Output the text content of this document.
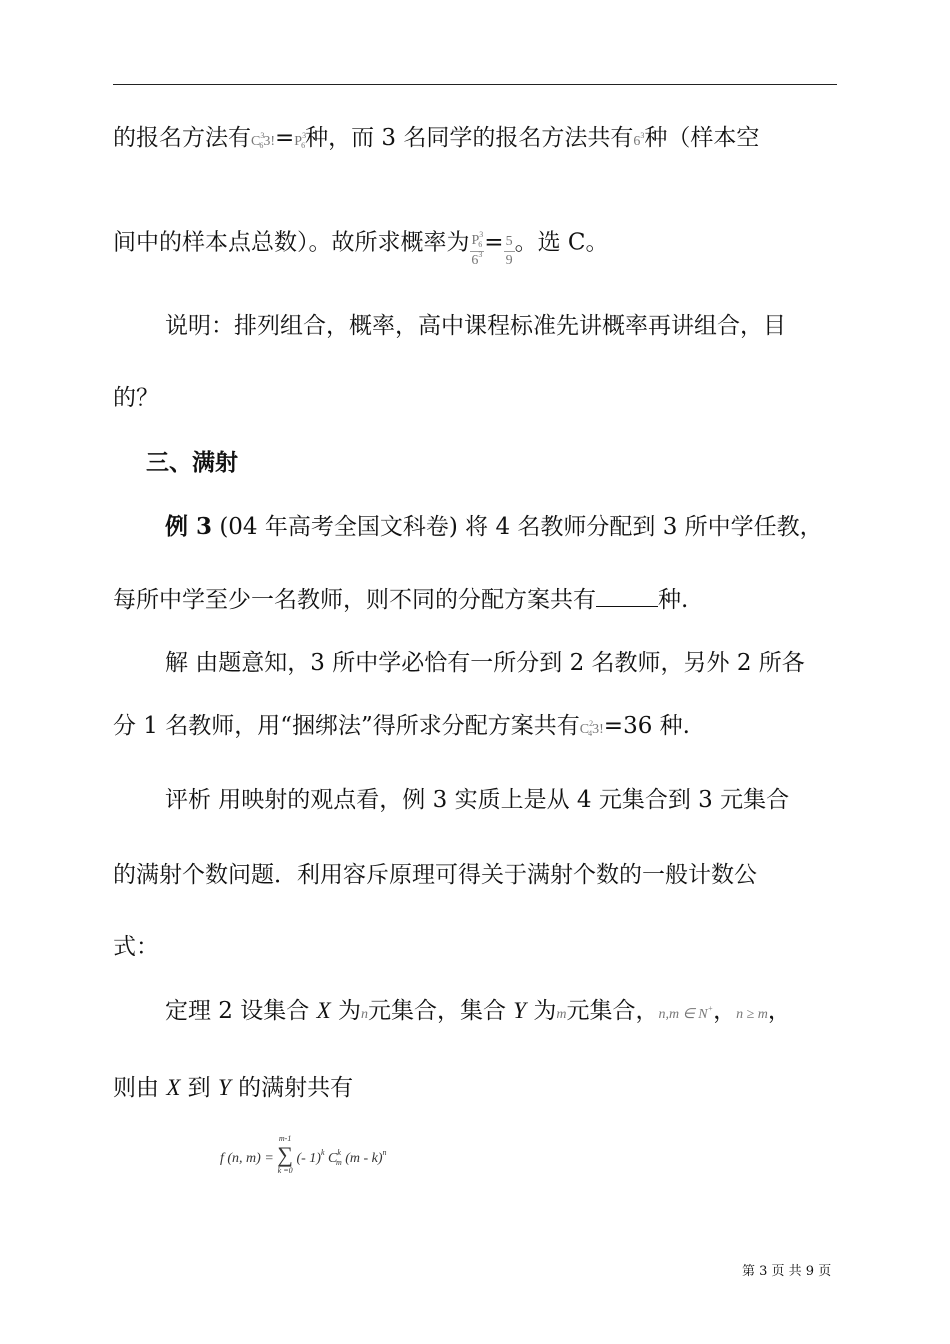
的报名方法有$C^3_63!=P^3_6$种，而 3 名同学的报名方法共有$6^3$种（样本空
间中的样本点总数）。故所求概率为 $\frac{P^3_6}{6^3} = \frac{5}{9}$ 。选 C。
说明：排列组合，概率，高中课程标准先讲概率再讲组合，目
的？
三、满射
例 3 (04 年高考全国文科卷) 将 4 名教师分配到 3 所中学任教，
每所中学至少一名教师，则不同的分配方案共有	种.
解 由题意知，3 所中学必恰有一所分到 2 名教师，另外 2 所各
分 1 名教师，用“捆绑法”得所求分配方案共有$C^2_43!=36$ 种.
评析 用映射的观点看，例 3 实质上是从 4 元集合到 3 元集合
的满射个数问题．利用容斥原理可得关于满射个数的一般计数公
式：
定理 2 设集合 X 为n元集合，集合 Y 为m元集合，n,m ∈ N+，n ≥ m，
则由 X 到 Y 的满射共有
f (n, m) =
m-1
∑
k =0
(- 1)$^k$ $C^k_m$ (m - k)$^n$
第 3 页 共 9 页
